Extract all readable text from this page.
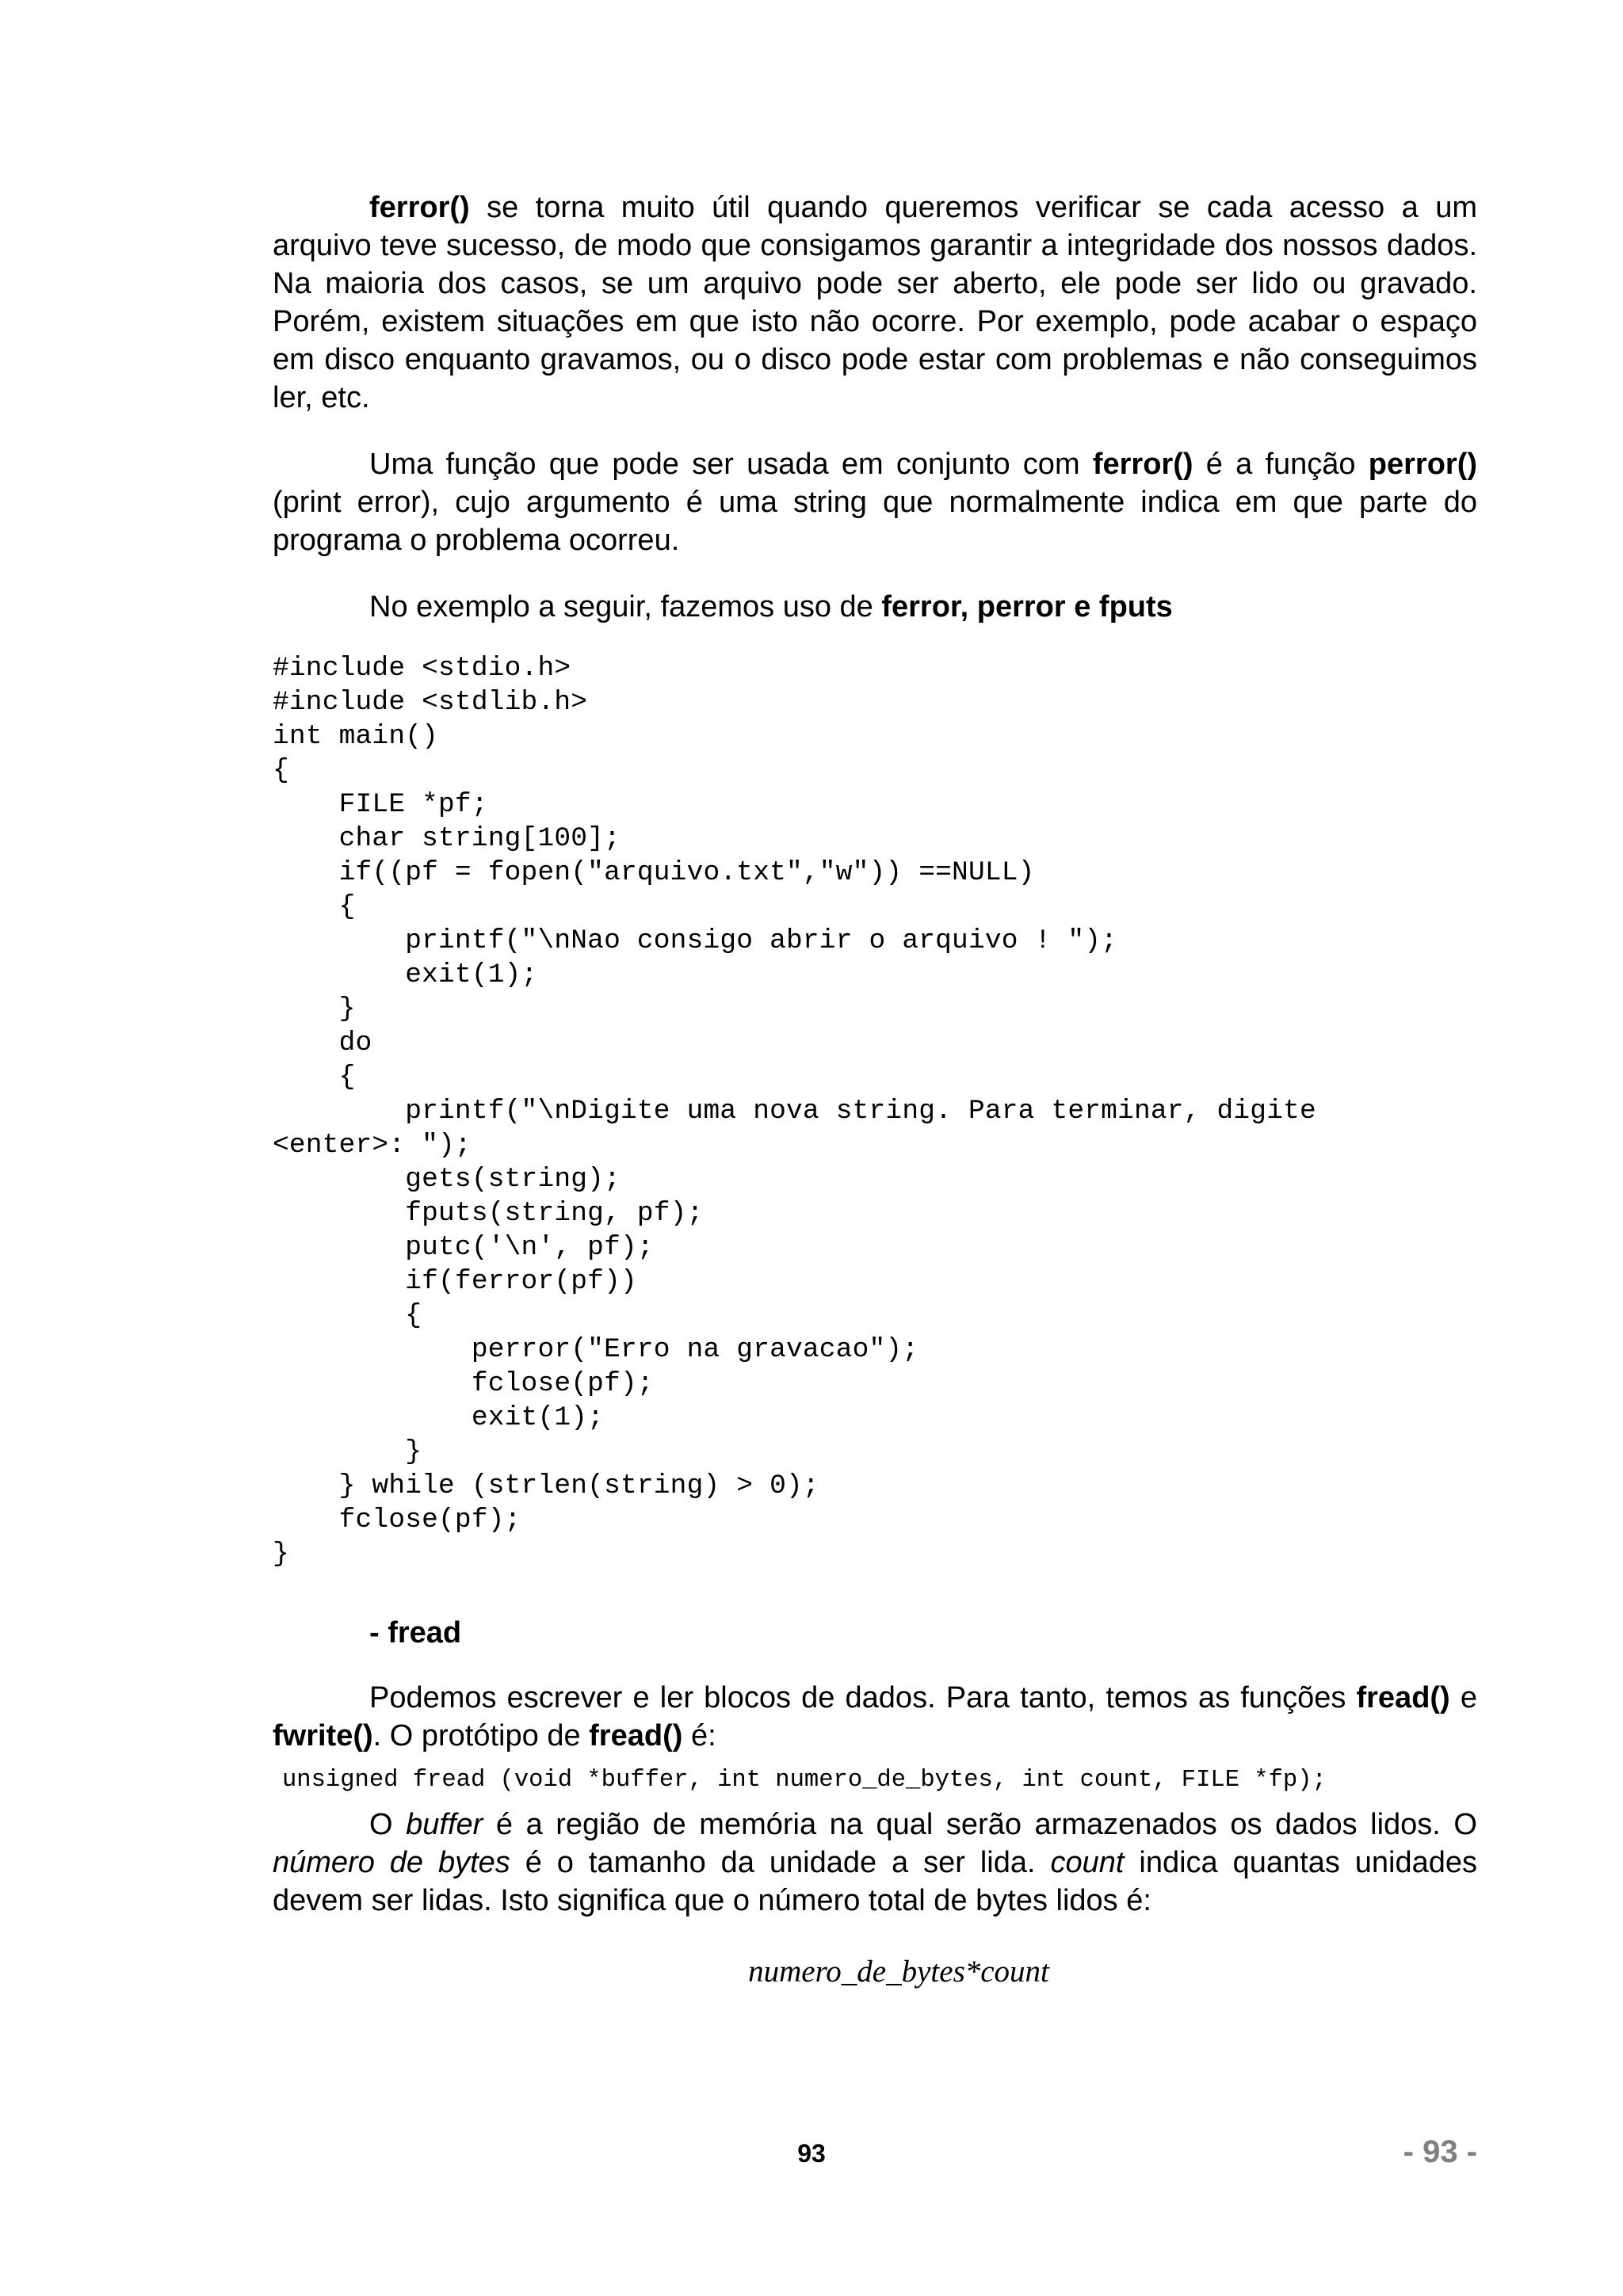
ferror() se torna muito útil quando queremos verificar se cada acesso a um arquivo teve sucesso, de modo que consigamos garantir a integridade dos nossos dados. Na maioria dos casos, se um arquivo pode ser aberto, ele pode ser lido ou gravado. Porém, existem situações em que isto não ocorre. Por exemplo, pode acabar o espaço em disco enquanto gravamos, ou o disco pode estar com problemas e não conseguimos ler, etc.

Uma função que pode ser usada em conjunto com ferror() é a função perror() (print error), cujo argumento é uma string que normalmente indica em que parte do programa o problema ocorreu.

No exemplo a seguir, fazemos uso de ferror, perror e fputs

#include <stdio.h>
#include <stdlib.h>
int main()
{
FILE *pf;
char string[100];
if((pf = fopen("arquivo.txt","w")) ==NULL)
{
printf("\nNao consigo abrir o arquivo ! ");
exit(1);
}
do
{
printf("\nDigite uma nova string. Para terminar, digite
<enter>: ");
gets(string);
fputs(string, pf);
putc('\n', pf);
if(ferror(pf))
{
perror("Erro na gravacao");
fclose(pf);
exit(1);
}
} while (strlen(string) > 0);
fclose(pf);
}
- fread

Podemos escrever e ler blocos de dados. Para tanto, temos as funções fread() e fwrite(). O protótipo de fread() é:

unsigned fread (void *buffer, int numero_de_bytes, int count, FILE *fp);

O buffer é a região de memória na qual serão armazenados os dados lidos. O número de bytes é o tamanho da unidade a ser lida. count indica quantas unidades devem ser lidas. Isto significa que o número total de bytes lidos é:

numero_de_bytes*count
93	- 93 -
